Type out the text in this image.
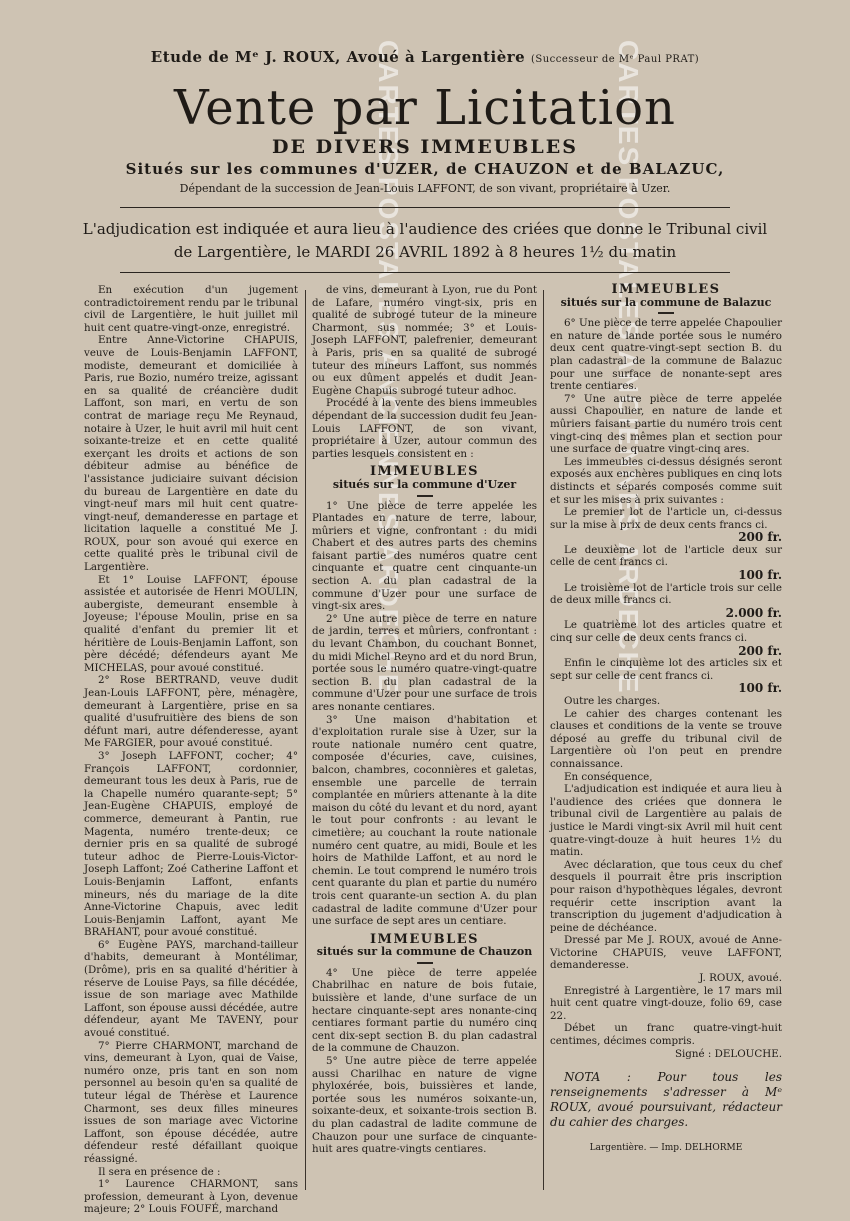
CARTES POSTALES ANCIENNES ARDECHE	CARTES POSTALES ANCIENNES ARDECHE
Etude de Mᵉ J. ROUX, Avoué à Largentière (Successeur de Mᵉ Paul PRAT)
Vente par Licitation
DE DIVERS IMMEUBLES
Situés sur les communes d'UZER, de CHAUZON et de BALAZUC,
Dépendant de la succession de Jean-Louis LAFFONT, de son vivant, propriétaire à Uzer.
L'adjudication est indiquée et aura lieu à l'audience des criées que donne le Tribunal civil
de Largentière, le MARDI 26 AVRIL 1892 à 8 heures 1½ du matin

En exécution d'un jugement contradictoirement rendu par le tribunal civil de Largentière, le huit juillet mil huit cent quatre-vingt-onze, enregistré.

Entre Anne-Victorine CHAPUIS, veuve de Louis-Benjamin LAFFONT, modiste, demeurant et domiciliée à Paris, rue Bozio, numéro treize, agissant en sa qualité de créancière dudit Laffont, son mari, en vertu de son contrat de mariage reçu Me Reynaud, notaire à Uzer, le huit avril mil huit cent soixante-treize et en cette qualité exerçant les droits et actions de son débiteur admise au bénéfice de l'assistance judiciaire suivant décision du bureau de Largentière en date du vingt-neuf mars mil huit cent quatre-vingt-neuf, demanderesse en partage et licitation laquelle a constitué Me J. ROUX, pour son avoué qui exerce en cette qualité près le tribunal civil de Largentière.

Et 1° Louise LAFFONT, épouse assistée et autorisée de Henri MOULIN, aubergiste, demeurant ensemble à Joyeuse; l'épouse Moulin, prise en sa qualité d'enfant du premier lit et héritière de Louis-Benjamin Laffont, son père décédé; défendeurs ayant Me MICHELAS, pour avoué constitué.

2° Rose BERTRAND, veuve dudit Jean-Louis LAFFONT, père, ménagère, demeurant à Largentière, prise en sa qualité d'usufruitière des biens de son défunt mari, autre défenderesse, ayant Me FARGIER, pour avoué constitué.

3° Joseph LAFFONT, cocher; 4° François LAFFONT, cordonnier, demeurant tous les deux à Paris, rue de la Chapelle numéro quarante-sept; 5° Jean-Eugène CHAPUIS, employé de commerce, demeurant à Pantin, rue Magenta, numéro trente-deux; ce dernier pris en sa qualité de subrogé tuteur adhoc de Pierre-Louis-Victor-Joseph Laffont; Zoé Catherine Laffont et Louis-Benjamin Laffont, enfants mineurs, nés du mariage de la dite Anne-Victorine Chapuis, avec ledit Louis-Benjamin Laffont, ayant Me BRAHANT, pour avoué constitué.

6° Eugène PAYS, marchand-tailleur d'habits, demeurant à Montélimar, (Drôme), pris en sa qualité d'héritier à réserve de Louise Pays, sa fille décédée, issue de son mariage avec Mathilde Laffont, son épouse aussi décédée, autre défendeur, ayant Me TAVENY, pour avoué constitué.

7° Pierre CHARMONT, marchand de vins, demeurant à Lyon, quai de Vaise, numéro onze, pris tant en son nom personnel au besoin qu'en sa qualité de tuteur légal de Thérèse et Laurence Charmont, ses deux filles mineures issues de son mariage avec Victorine Laffont, son épouse décédée, autre défendeur resté défaillant quoique réassigné.

Il sera en présence de :

1° Laurence CHARMONT, sans profession, demeurant à Lyon, devenue majeure; 2° Louis FOUFÉ, marchand

de vins, demeurant à Lyon, rue du Pont de Lafare, numéro vingt-six, pris en qualité de subrogé tuteur de la mineure Charmont, sus nommée; 3° et Louis-Joseph LAFFONT, palefrenier, demeurant à Paris, pris en sa qualité de subrogé tuteur des mineurs Laffont, sus nommés ou eux dûment appelés et dudit Jean-Eugène Chapuis subrogé tuteur adhoc.

Procédé à la vente des biens immeubles dépendant de la succession dudit feu Jean-Louis LAFFONT, de son vivant, propriétaire à Uzer, autour commun des parties lesquels consistent en :

IMMEUBLES
situés sur la commune d'Uzer

1° Une pièce de terre appelée les Plantades en nature de terre, labour, mûriers et vigne, confrontant : du midi Chabert et des autres parts des chemins faisant partie des numéros quatre cent cinquante et quatre cent cinquante-un section A. du plan cadastral de la commune d'Uzer pour une surface de vingt-six ares.

2° Une autre pièce de terre en nature de jardin, terres et mûriers, confrontant : du levant Chambon, du couchant Bonnet, du midi Michel Reyno ard et du nord Brun, portée sous le numéro quatre-vingt-quatre section B. du plan cadastral de la commune d'Uzer pour une surface de trois ares nonante centiares.

3° Une maison d'habitation et d'exploitation rurale sise à Uzer, sur la route nationale numéro cent quatre, composée d'écuries, cave, cuisines, balcon, chambres, coconnières et galetas, ensemble une parcelle de terrain complantée en mûriers attenante à la dite maison du côté du levant et du nord, ayant le tout pour confronts : au levant le cimetière; au couchant la route nationale numéro cent quatre, au midi, Boule et les hoirs de Mathilde Laffont, et au nord le chemin. Le tout comprend le numéro trois cent quarante du plan et partie du numéro trois cent quarante-un section A. du plan cadastral de ladite commune d'Uzer pour une surface de sept ares un centiare.

IMMEUBLES
situés sur la commune de Chauzon

4° Une pièce de terre appelée Chabrilhac en nature de bois futaie, buissière et lande, d'une surface de un hectare cinquante-sept ares nonante-cinq centiares formant partie du numéro cinq cent dix-sept section B. du plan cadastral de la commune de Chauzon.

5° Une autre pièce de terre appelée aussi Charilhac en nature de vigne phyloxérée, bois, buissières et lande, portée sous les numéros soixante-un, soixante-deux, et soixante-trois section B. du plan cadastral de ladite commune de Chauzon pour une surface de cinquante-huit ares quatre-vingts centiares.

IMMEUBLES
situés sur la commune de Balazuc

6° Une pièce de terre appelée Chapoulier en nature de lande portée sous le numéro deux cent quatre-vingt-sept section B. du plan cadastral de la commune de Balazuc pour une surface de nonante-sept ares trente centiares.

7° Une autre pièce de terre appelée aussi Chapoulier, en nature de lande et mûriers faisant partie du numéro trois cent vingt-cinq des mêmes plan et section pour une surface de quatre vingt-cinq ares.

Les immeubles ci-dessus désignés seront exposés aux enchères publiques en cinq lots distincts et séparés composés comme suit et sur les mises à prix suivantes :

Le premier lot de l'article un, ci-dessus sur la mise à prix de deux cents francs ci.

200 fr.

Le deuxième lot de l'article deux sur celle de cent francs ci.

100 fr.

Le troisième lot de l'article trois sur celle de deux mille francs ci.

2.000 fr.

Le quatrième lot des articles quatre et cinq sur celle de deux cents francs ci.

200 fr.

Enfin le cinquième lot des articles six et sept sur celle de cent francs ci.

100 fr.

Outre les charges.

Le cahier des charges contenant les clauses et conditions de la vente se trouve déposé au greffe du tribunal civil de Largentière où l'on peut en prendre connaissance.

En conséquence,

L'adjudication est indiquée et aura lieu à l'audience des criées que donnera le tribunal civil de Largentière au palais de justice le Mardi vingt-six Avril mil huit cent quatre-vingt-douze à huit heures 1½ du matin.

Avec déclaration, que tous ceux du chef desquels il pourrait être pris inscription pour raison d'hypothèques légales, devront requérir cette inscription avant la transcription du jugement d'adjudication à peine de déchéance.

Dressé par Me J. ROUX, avoué de Anne-Victorine CHAPUIS, veuve LAFFONT, demanderesse.

J. ROUX, avoué.

Enregistré à Largentière, le 17 mars mil huit cent quatre vingt-douze, folio 69, case 22.

Débet un franc quatre-vingt-huit centimes, décimes compris.

Signé : DELOUCHE.

NOTA : Pour tous les renseignements s'adresser à Mᵉ ROUX, avoué poursuivant, rédacteur du cahier des charges.
Largentière. — Imp. DELHORME
